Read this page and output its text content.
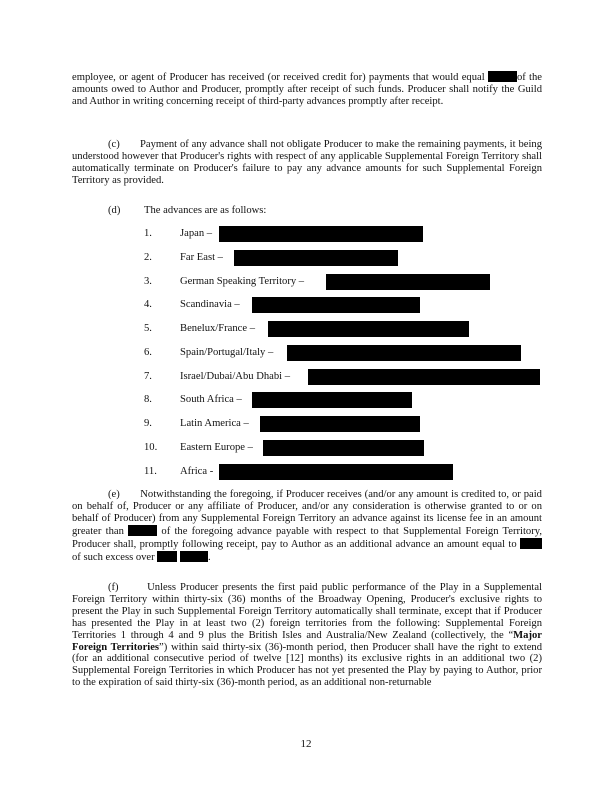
employee, or agent of Producer has received (or received credit for) payments that would equal	of the amounts owed to Author and Producer, promptly after receipt of such funds. Producer shall notify the Guild and Author in writing concerning receipt of third-party advances promptly after receipt.

(c) Payment of any advance shall not obligate Producer to make the remaining payments, it being understood however that Producer's rights with respect of any applicable Supplemental Foreign Territory shall automatically terminate on Producer's failure to pay any advance amounts for such Supplemental Foreign Territory as provided.

(d) The advances are as follows:
1.	Japan –
2.	Far East –
3.	German Speaking Territory –
4.	Scandinavia –
5.	Benelux/France –
6.	Spain/Portugal/Italy –
7.	Israel/Dubai/Abu Dhabi –
8.	South Africa –
9.	Latin America –
10. Eastern Europe –
11. Africa -

(e) Notwithstanding the foregoing, if Producer receives (and/or any amount is credited to, or paid on behalf of, Producer or any affiliate of Producer, and/or any consideration is otherwise granted to or on behalf of Producer) from any Supplemental Foreign Territory an advance against its license fee in an amount greater than	of the foregoing advance payable with respect to that Supplemental Foreign Territory, Producer shall, promptly following receipt, pay to Author as an additional advance an amount equal to  of such excess over	.

(f)	Unless Producer presents the first paid public performance of the Play in a Supplemental Foreign Territory within thirty-six (36) months of the Broadway Opening, Producer's exclusive rights to present the Play in such Supplemental Foreign Territory automatically shall terminate, except that if Producer has presented the Play in at least two (2) foreign territories from the following: Supplemental Foreign Territories 1 through 4 and 9 plus the British Isles and Australia/New Zealand (collectively, the “Major Foreign Territories”) within said thirty-six (36)-month period, then Producer shall have the right to extend (for an additional consecutive period of twelve [12] months) its exclusive rights in an additional two (2) Supplemental Foreign Territories in which Producer has not yet presented the Play by paying to Author, prior to the expiration of said thirty-six (36)-month period, as an additional non-returnable

12
